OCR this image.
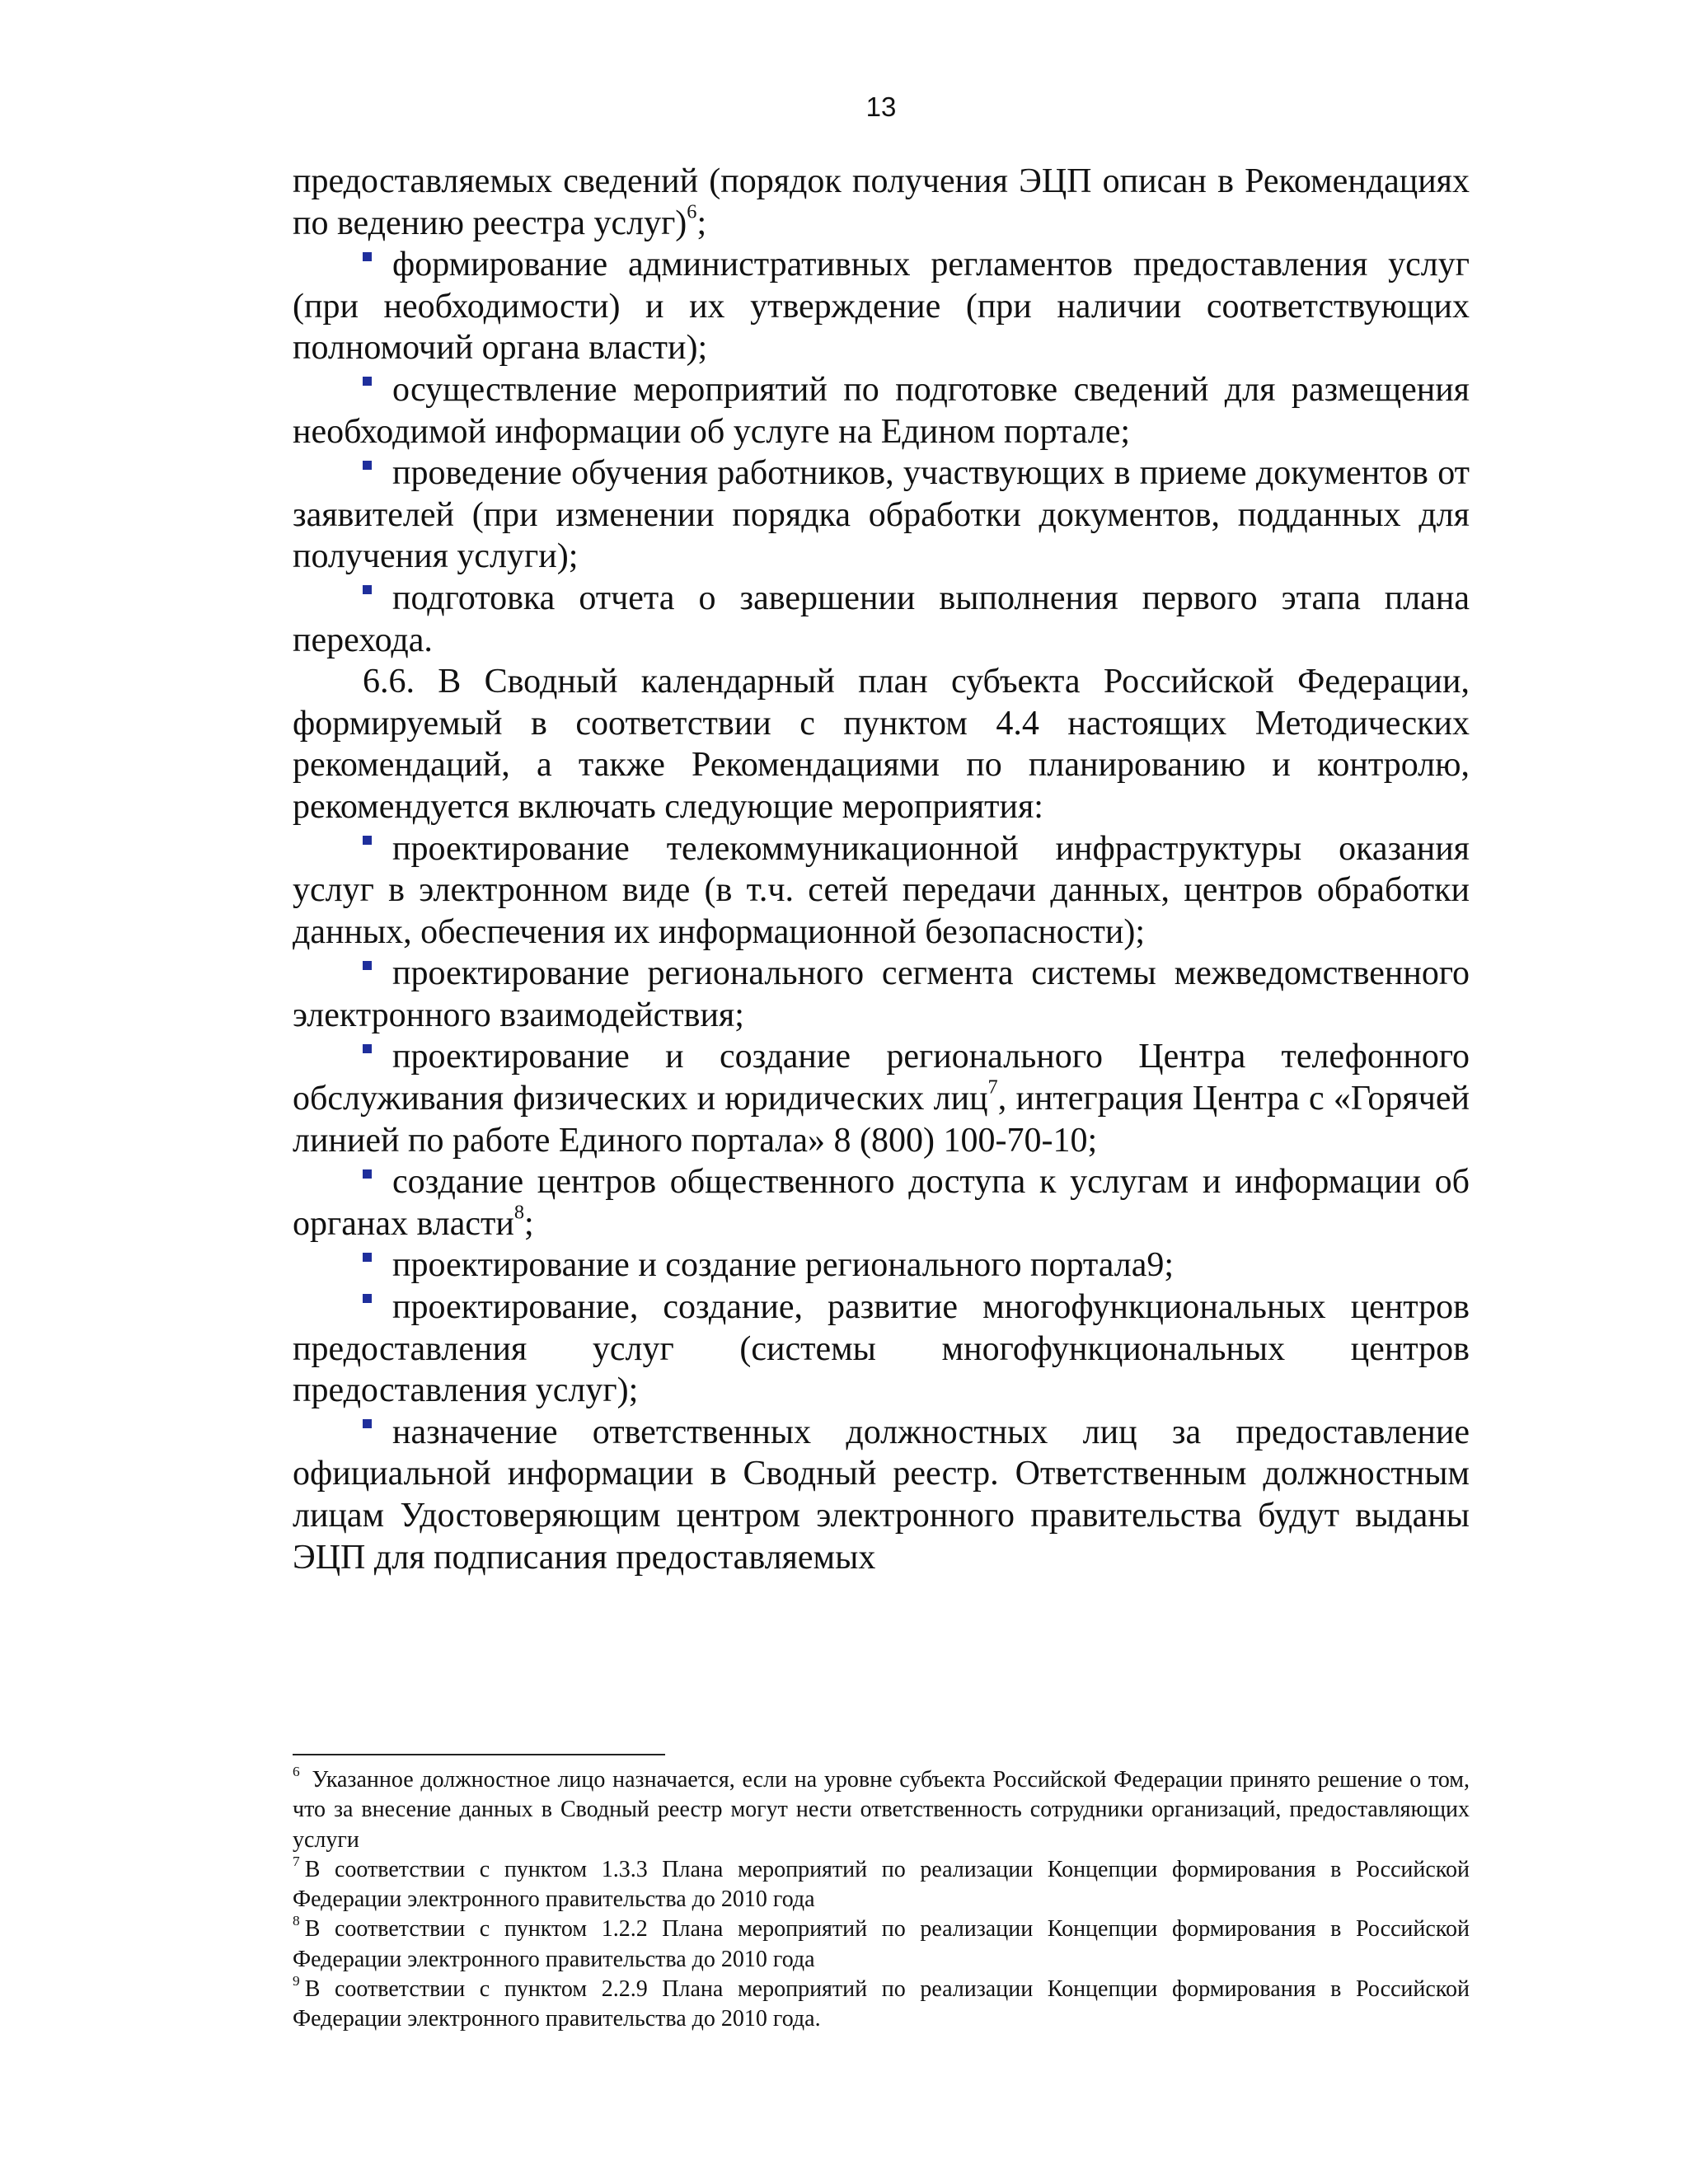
13

предоставляемых сведений (порядок получения ЭЦП описан в Рекомендациях по ведению реестра услуг)$^6$;

формирование административных регламентов предоставления услуг (при необходимости) и их утверждение (при наличии соответствующих полномочий органа власти);

осуществление мероприятий по подготовке сведений для размещения необходимой информации об услуге на Едином портале;

проведение обучения работников, участвующих в приеме документов от заявителей (при изменении порядка обработки документов, подданных для получения услуги);

подготовка отчета о завершении выполнения первого этапа плана перехода.

6.6. В Сводный календарный план субъекта Российской Федерации, формируемый в соответствии с пунктом 4.4 настоящих Методических рекомендаций, а также Рекомендациями по планированию и контролю, рекомендуется включать следующие мероприятия:

проектирование телекоммуникационной инфраструктуры оказания услуг в электронном виде (в т.ч. сетей передачи данных, центров обработки данных, обеспечения их информационной безопасности);

проектирование регионального сегмента системы межведомственного электронного взаимодействия;

проектирование и создание регионального Центра телефонного обслуживания физических и юридических лиц$^7$, интеграция Центра с «Горячей линией по работе Единого портала» 8 (800) 100-70-10;

создание центров общественного доступа к услугам и информации об органах власти$^8$;

проектирование и создание регионального портала9;

проектирование, создание, развитие многофункциональных центров предоставления услуг (системы многофункциональных центров предоставления услуг);

назначение ответственных должностных лиц за предоставление официальной информации в Сводный реестр. Ответственным должностным лицам Удостоверяющим центром электронного правительства будут выданы ЭЦП для подписания предоставляемых

$^6$ Указанное должностное лицо назначается, если на уровне субъекта Российской Федерации принято решение о том, что за внесение данных в Сводный реестр могут нести ответственность сотрудники организаций, предоставляющих услуги

$^7$ В соответствии с пунктом 1.3.3 Плана мероприятий по реализации Концепции формирования в Российской Федерации электронного правительства до 2010 года

$^8$ В соответствии с пунктом 1.2.2 Плана мероприятий по реализации Концепции формирования в Российской Федерации электронного правительства до 2010 года

$^9$ В соответствии с пунктом 2.2.9 Плана мероприятий по реализации Концепции формирования в Российской Федерации электронного правительства до 2010 года.
